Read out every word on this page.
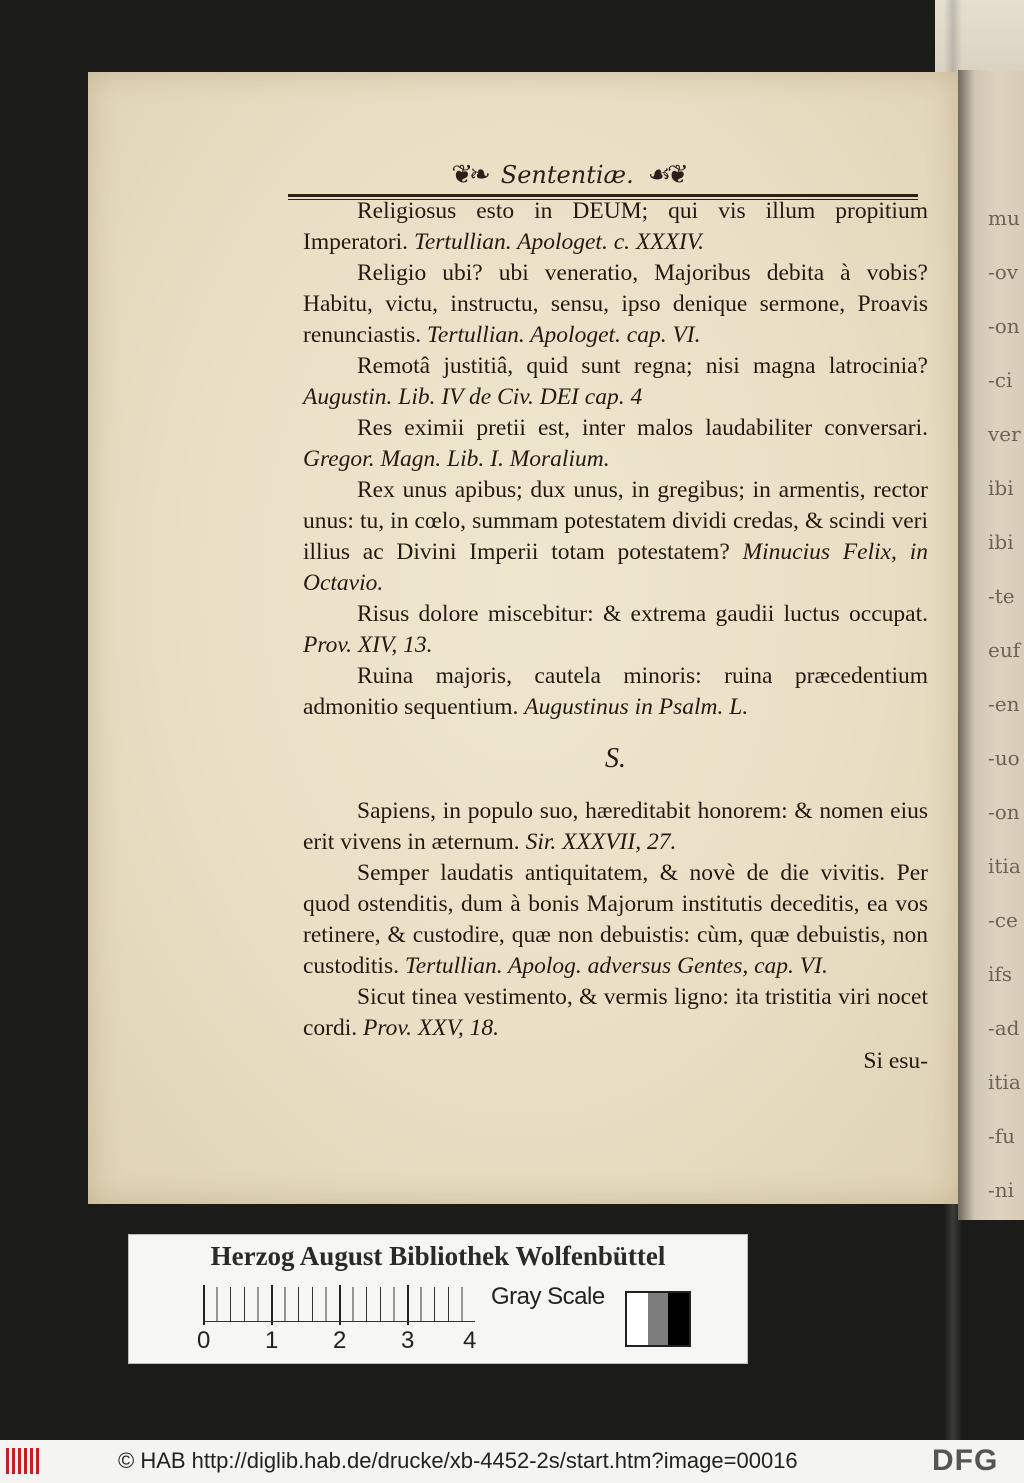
mu
-ov
-on
-ci
ver
ibi
ibi
-te
euf
-en
-uo
-on
itia
-ce
ifs
-ad
itia
-fu
-ni
❦❧ Sententiæ. ☙❦

Religiosus esto in DEUM; qui vis illum propitium Imperatori. Tertullian. Apologet. c. XXXIV.

Religio ubi? ubi veneratio, Majoribus debita à vobis? Habitu, victu, instructu, sensu, ipso denique sermone, Proavis renunciastis. Tertullian. Apologet. cap. VI.

Remotâ justitiâ, quid sunt regna; nisi magna latrocinia? Augustin. Lib. IV de Civ. DEI cap. 4

Res eximii pretii est, inter malos laudabiliter conversari. Gregor. Magn. Lib. I. Moralium.

Rex unus apibus; dux unus, in gregibus; in armentis, rector unus: tu, in cœlo, summam potestatem dividi credas, & scindi veri illius ac Divini Imperii totam potestatem? Minucius Felix, in Octavio.

Risus dolore miscebitur: & extrema gaudii luctus occupat. Prov. XIV, 13.

Ruina majoris, cautela minoris: ruina præcedentium admonitio sequentium. Augustinus in Psalm. L.

S.

Sapiens, in populo suo, hæreditabit honorem: & nomen eius erit vivens in æternum. Sir. XXXVII, 27.

Semper laudatis antiquitatem, & novè de die vivitis. Per quod ostenditis, dum à bonis Majorum institutis deceditis, ea vos retinere, & custodire, quæ non debuistis: cùm, quæ debuistis, non custoditis. Tertullian. Apolog. adversus Gentes, cap. VI.

Sicut tinea vestimento, & vermis ligno: ita tristitia viri nocet cordi. Prov. XXV, 18.

Si esu-

Herzog August Bibliothek Wolfenbüttel
0 1 2 3 4
Gray Scale
© HAB http://diglib.hab.de/drucke/xb-4452-2s/start.htm?image=00016	DFG
